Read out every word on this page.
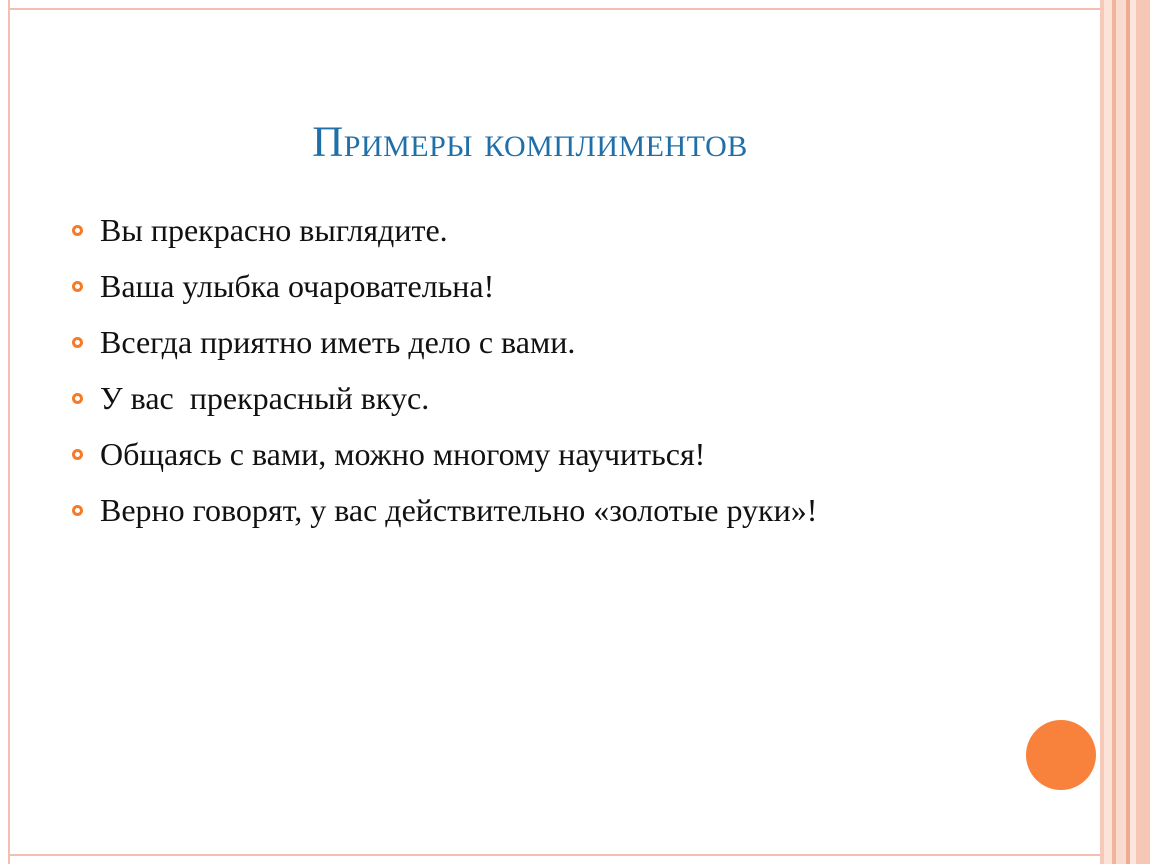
Примеры комплиментов
Вы прекрасно выглядите.
Ваша улыбка очаровательна!
Всегда приятно иметь дело с вами.
У вас  прекрасный вкус.
Общаясь с вами, можно многому научиться!
Верно говорят, у вас действительно «золотые руки»!
